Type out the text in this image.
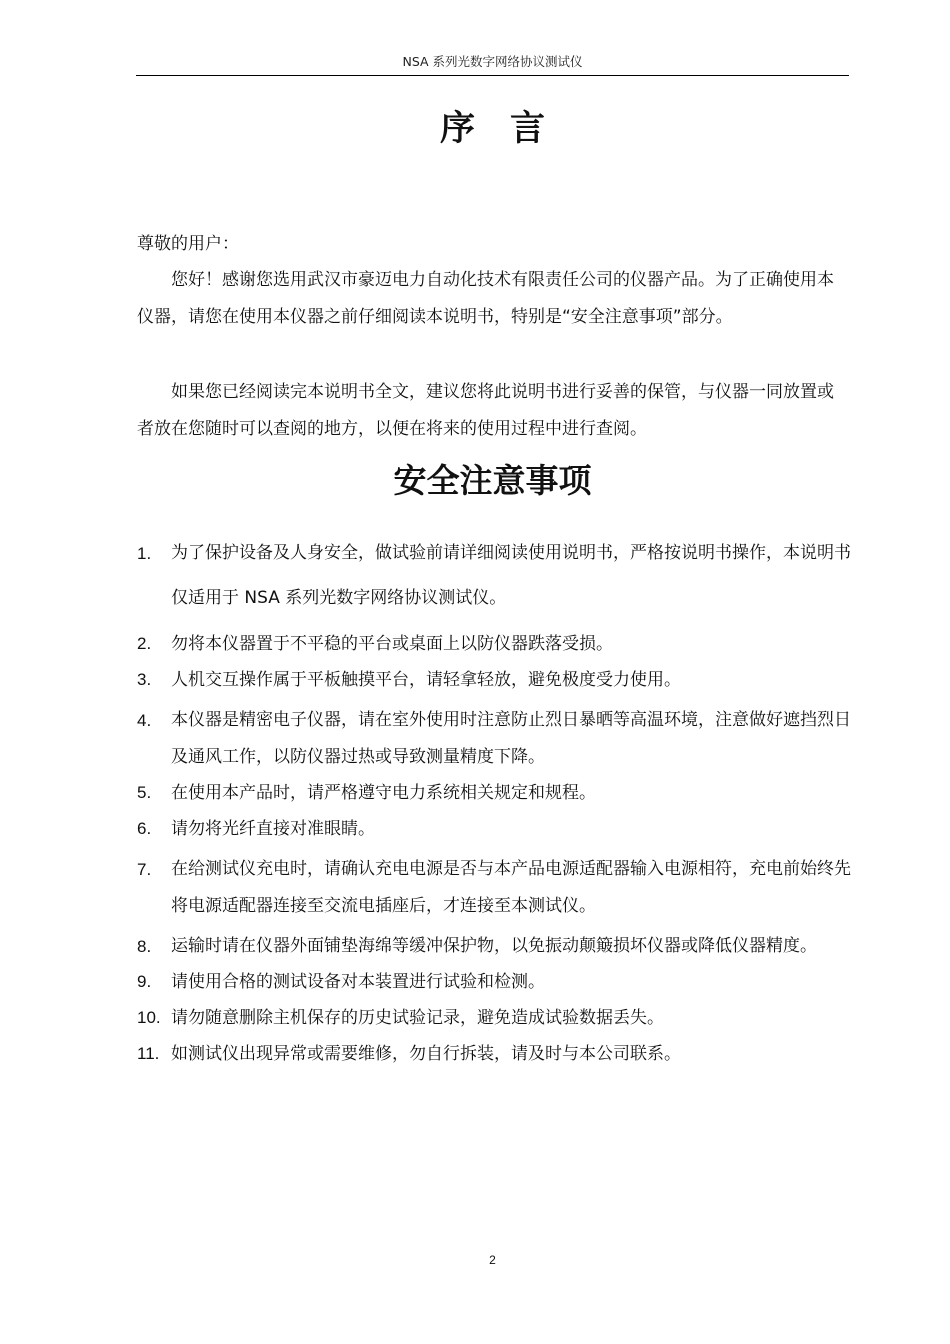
NSA 系列光数字网络协议测试仪
序　言
尊敬的用户：
您好！感谢您选用武汉市豪迈电力自动化技术有限责任公司的仪器产品。为了正确使用本仪器，请您在使用本仪器之前仔细阅读本说明书，特别是“安全注意事项”部分。
如果您已经阅读完本说明书全文，建议您将此说明书进行妥善的保管，与仪器一同放置或者放在您随时可以查阅的地方，以便在将来的使用过程中进行查阅。
安全注意事项
1. 为了保护设备及人身安全，做试验前请详细阅读使用说明书，严格按说明书操作，本说明书仅适用于 NSA 系列光数字网络协议测试仪。
2. 勿将本仪器置于不平稳的平台或桌面上以防仪器跌落受损。
3. 人机交互操作属于平板触摸平台，请轻拿轻放，避免极度受力使用。
4. 本仪器是精密电子仪器，请在室外使用时注意防止烈日暴晒等高温环境，注意做好遮挡烈日及通风工作，以防仪器过热或导致测量精度下降。
5. 在使用本产品时，请严格遵守电力系统相关规定和规程。
6. 请勿将光纤直接对准眼睛。
7. 在给测试仪充电时，请确认充电电源是否与本产品电源适配器输入电源相符，充电前始终先将电源适配器连接至交流电插座后，才连接至本测试仪。
8. 运输时请在仪器外面铺垫海绵等缓冲保护物，以免振动颠簸损坏仪器或降低仪器精度。
9. 请使用合格的测试设备对本装置进行试验和检测。
10. 请勿随意删除主机保存的历史试验记录，避免造成试验数据丢失。
11. 如测试仪出现异常或需要维修，勿自行拆装，请及时与本公司联系。
2
